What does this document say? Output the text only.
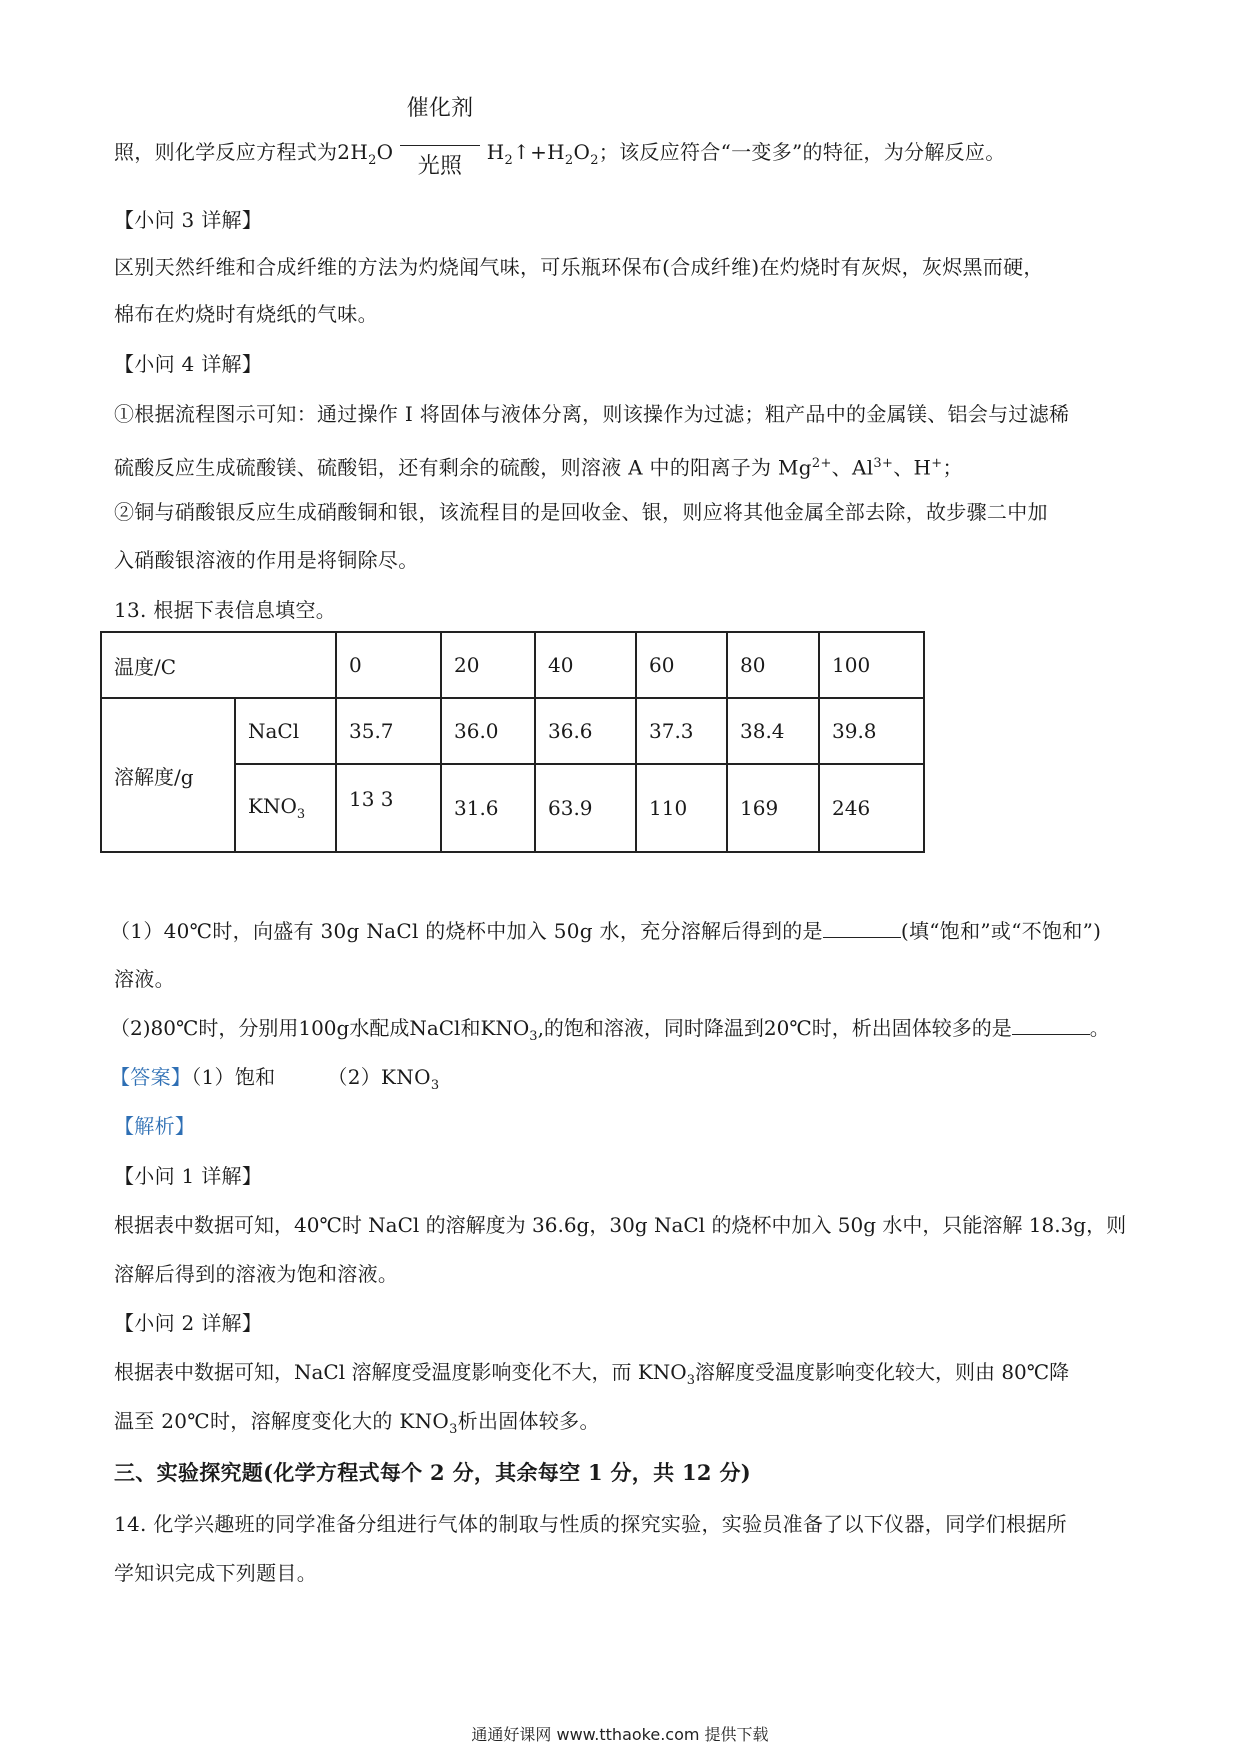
照，则化学反应方程式为$2H_2O$
催化剂
光照
$H_2↑+H_2O_2$；该反应符合“一变多”的特征，为分解反应。
【小问 3 详解】
区别天然纤维和合成纤维的方法为灼烧闻气味，可乐瓶环保布(合成纤维)在灼烧时有灰烬，灰烬黑而硬，
棉布在灼烧时有烧纸的气味。
【小问 4 详解】
①根据流程图示可知：通过操作 I 将固体与液体分离，则该操作为过滤；粗产品中的金属镁、铝会与过滤稀
硫酸反应生成硫酸镁、硫酸铝，还有剩余的硫酸，则溶液 A 中的阳离子为 $Mg^{2+}$、$Al^{3+}$、H+；
②铜与硝酸银反应生成硝酸铜和银，该流程目的是回收金、银，则应将其他金属全部去除，故步骤二中加
入硝酸银溶液的作用是将铜除尽。
13. 根据下表信息填空。
温度/C		0	20	40	60	80	100
溶解度/g	NaCl	35.7	36.0	36.6	37.3	38.4	39.8
	$KNO_3$	13 3	31.6	63.9	110	169	246
（1）40℃时，向盛有 30g NaCl 的烧杯中加入 50g 水，充分溶解后得到的是	(填“饱和”或“不饱和”)
溶液。
（2)80℃时，分别用100g水配成NaCl和$KNO_3$,的饱和溶液，同时降温到20℃时，析出固体较多的是	。
【答案】（1）饱和	$(2)KNO_3$
【解析】
【小问 1 详解】
根据表中数据可知，40℃时 NaCl 的溶解度为 36.6g，30g NaCl 的烧杯中加入 50g 水中，只能溶解 18.3g，则
溶解后得到的溶液为饱和溶液。
【小问 2 详解】
根据表中数据可知，NaCl 溶解度受温度影响变化不大，而 $KNO_3$溶解度受温度影响变化较大，则由 80℃降
温至 20℃时，溶解度变化大的 $KNO_3$析出固体较多。
三、实验探究题(化学方程式每个 2 分，其余每空 1 分，共 12 分)
14. 化学兴趣班的同学准备分组进行气体的制取与性质的探究实验，实验员准备了以下仪器，同学们根据所
学知识完成下列题目。
通通好课网 www.tthaoke.com 提供下载
